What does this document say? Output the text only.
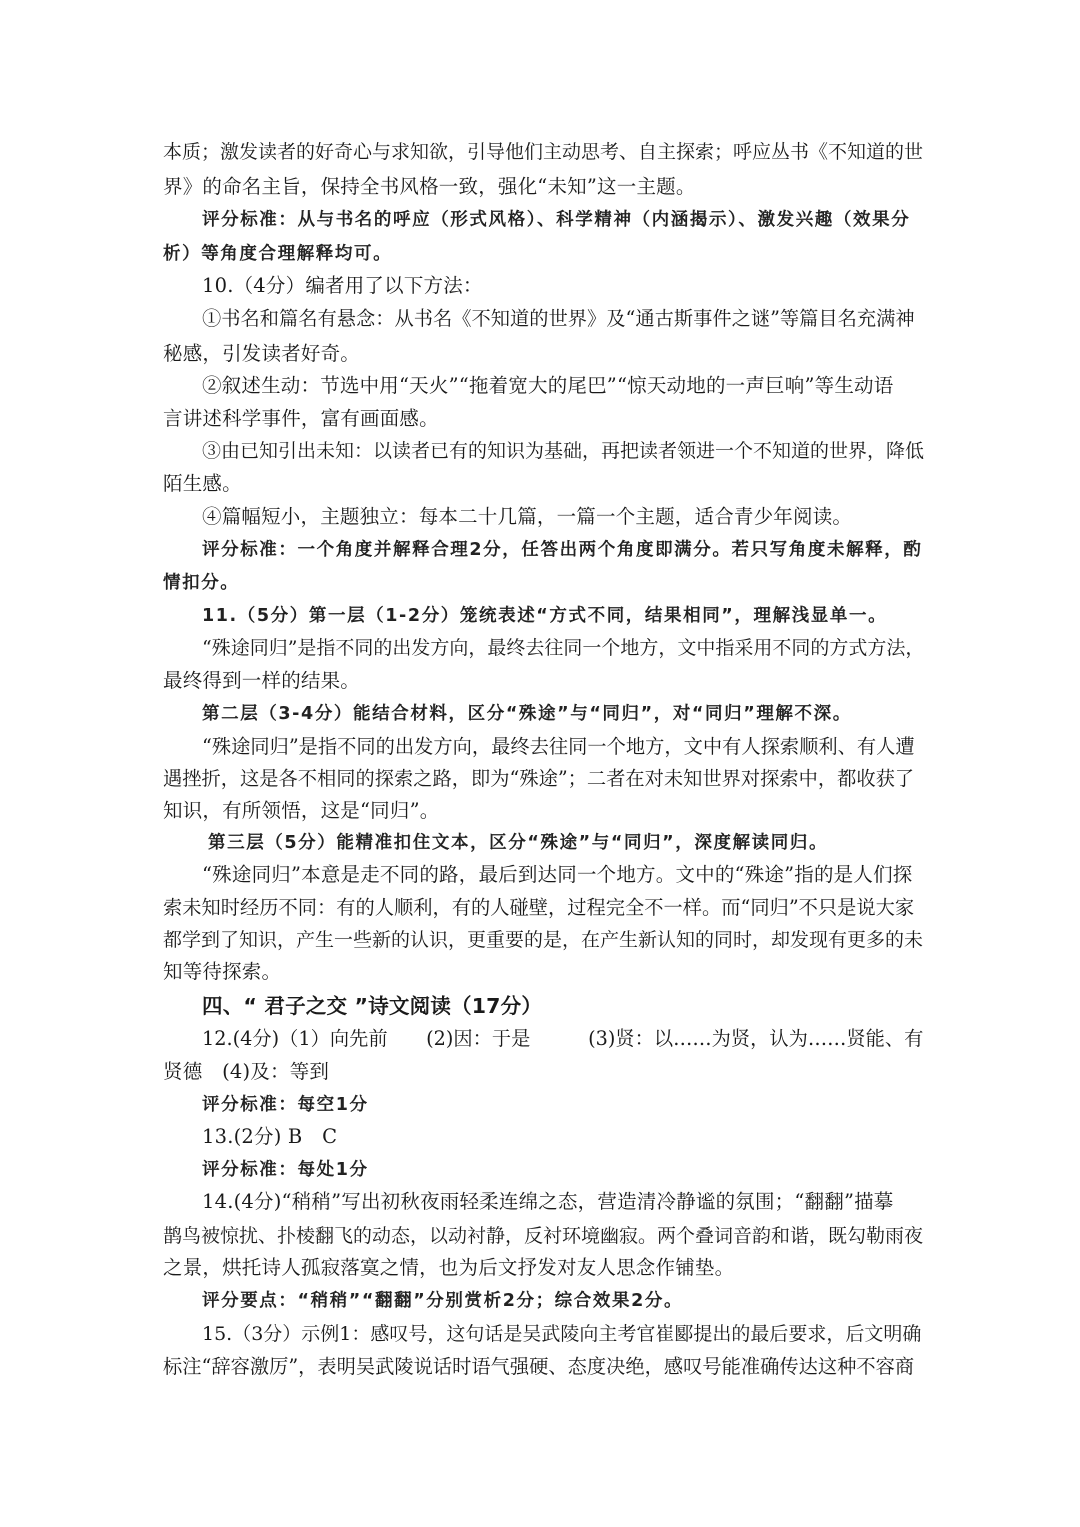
本质；激发读者的好奇心与求知欲，引导他们主动思考、自主探索；呼应丛书《不知道的世
界》的命名主旨，保持全书风格一致，强化“未知”这一主题。
评分标准：从与书名的呼应（形式风格）、科学精神（内涵揭示）、激发兴趣（效果分
析）等角度合理解释均可。
10.（4分）编者用了以下方法：
①书名和篇名有悬念：从书名《不知道的世界》及“通古斯事件之谜”等篇目名充满神
秘感，引发读者好奇。
②叙述生动：节选中用“天火”“拖着宽大的尾巴”“惊天动地的一声巨响”等生动语
言讲述科学事件，富有画面感。
③由已知引出未知：以读者已有的知识为基础，再把读者领进一个不知道的世界，降低
陌生感。
④篇幅短小，主题独立：每本二十几篇，一篇一个主题，适合青少年阅读。
评分标准：一个角度并解释合理2分，任答出两个角度即满分。若只写角度未解释，酌
情扣分。
11.（5分）第一层（1-2分）笼统表述“方式不同，结果相同”，理解浅显单一。
“殊途同归”是指不同的出发方向，最终去往同一个地方，文中指采用不同的方式方法，
最终得到一样的结果。
第二层（3-4分）能结合材料，区分“殊途”与“同归”，对“同归”理解不深。
“殊途同归”是指不同的出发方向，最终去往同一个地方，文中有人探索顺利、有人遭
遇挫折，这是各不相同的探索之路，即为“殊途”；二者在对未知世界对探索中，都收获了
知识，有所领悟，这是“同归”。
第三层（5分）能精准扣住文本，区分“殊途”与“同归”，深度解读同归。
“殊途同归”本意是走不同的路，最后到达同一个地方。文中的“殊途”指的是人们探
索未知时经历不同：有的人顺利，有的人碰壁，过程完全不一样。而“同归”不只是说大家
都学到了知识，产生一些新的认识，更重要的是，在产生新认知的同时，却发现有更多的未
知等待探索。
四、“ 君子之交 ”诗文阅读（17分）
12.(4分)（1）向先前　　(2)因：于是　　　(3)贤：以……为贤，认为……贤能、有
贤德　(4)及：等到
评分标准：每空1分
13.(2分) B　C
评分标准：每处1分
14.(4分)“稍稍”写出初秋夜雨轻柔连绵之态，营造清冷静谧的氛围；“翻翻”描摹
鹊鸟被惊扰、扑棱翻飞的动态，以动衬静，反衬环境幽寂。两个叠词音韵和谐，既勾勒雨夜
之景，烘托诗人孤寂落寞之情，也为后文抒发对友人思念作铺垫。
评分要点：“稍稍”“翻翻”分别赏析2分；综合效果2分。
15.（3分）示例1：感叹号，这句话是吴武陵向主考官崔郾提出的最后要求，后文明确
标注“辞容激厉”，表明吴武陵说话时语气强硬、态度决绝，感叹号能准确传达这种不容商
